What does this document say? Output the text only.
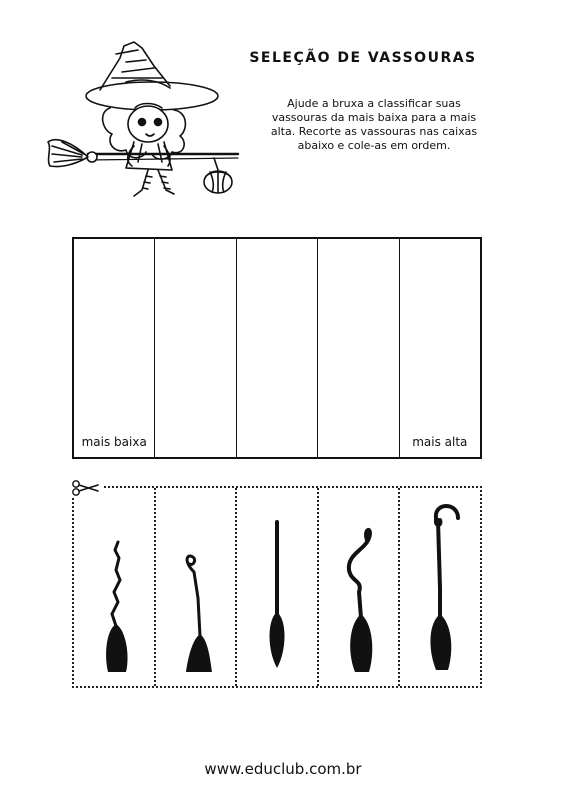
SELEÇÃO DE VASSOURAS
Ajude a bruxa a classificar suas vassouras da mais baixa para a mais alta. Recorte as vassouras nas caixas abaixo e cole-as em ordem.
mais baixa	mais alta
www.educlub.com.br
